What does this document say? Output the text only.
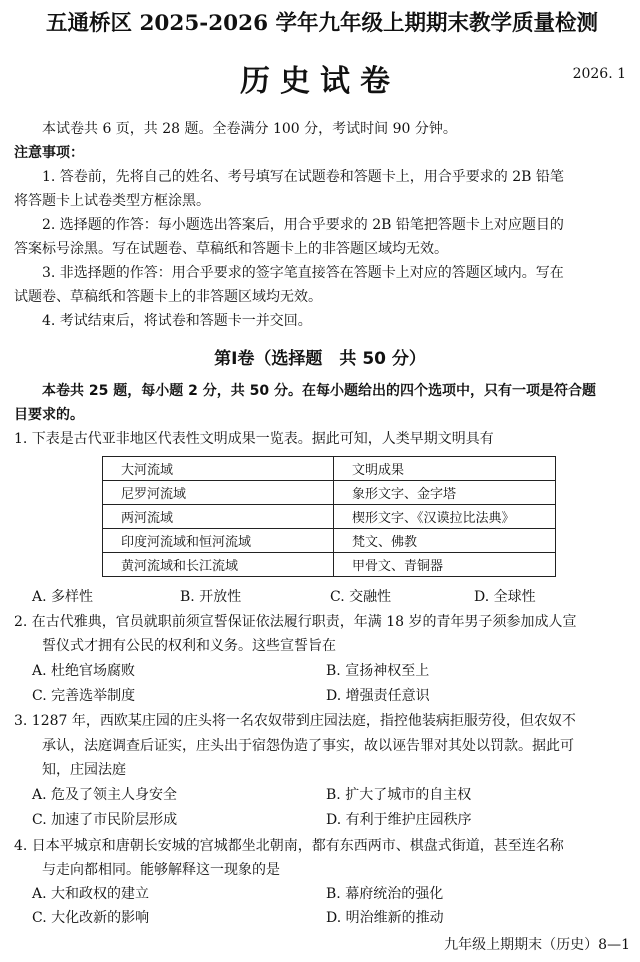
五通桥区 2025-2026 学年九年级上期期末教学质量检测
历史试卷	2026. 1
本试卷共 6 页，共 28 题。全卷满分 100 分，考试时间 90 分钟。
注意事项：
1. 答卷前，先将自己的姓名、考号填写在试题卷和答题卡上，用合乎要求的 2B 铅笔
将答题卡上试卷类型方框涂黑。
2. 选择题的作答：每小题选出答案后，用合乎要求的 2B 铅笔把答题卡上对应题目的
答案标号涂黑。写在试题卷、草稿纸和答题卡上的非答题区域均无效。
3. 非选择题的作答：用合乎要求的签字笔直接答在答题卡上对应的答题区域内。写在
试题卷、草稿纸和答题卡上的非答题区域均无效。
4. 考试结束后，将试卷和答题卡一并交回。
第Ⅰ卷（选择题　共 50 分）
本卷共 25 题，每小题 2 分，共 50 分。在每小题给出的四个选项中，只有一项是符合题
目要求的。
1. 下表是古代亚非地区代表性文明成果一览表。据此可知，人类早期文明具有
大河流域	文明成果
尼罗河流域	象形文字、金字塔
两河流域	楔形文字、《汉谟拉比法典》
印度河流域和恒河流域	梵文、佛教
黄河流域和长江流域	甲骨文、青铜器
A. 多样性	B. 开放性	C. 交融性	D. 全球性
2. 在古代雅典，官员就职前须宣誓保证依法履行职责，年满 18 岁的青年男子须参加成人宣
誓仪式才拥有公民的权利和义务。这些宣誓旨在
A. 杜绝官场腐败	B. 宣扬神权至上
C. 完善选举制度	D. 增强责任意识
3. 1287 年，西欧某庄园的庄头将一名农奴带到庄园法庭，指控他装病拒服劳役，但农奴不
承认，法庭调查后证实，庄头出于宿怨伪造了事实，故以诬告罪对其处以罚款。据此可
知，庄园法庭
A. 危及了领主人身安全	B. 扩大了城市的自主权
C. 加速了市民阶层形成	D. 有利于维护庄园秩序
4. 日本平城京和唐朝长安城的宫城都坐北朝南，都有东西两市、棋盘式街道，甚至连名称
与走向都相同。能够解释这一现象的是
A. 大和政权的建立	B. 幕府统治的强化
C. 大化改新的影响	D. 明治维新的推动
九年级上期期末（历史）8—1
